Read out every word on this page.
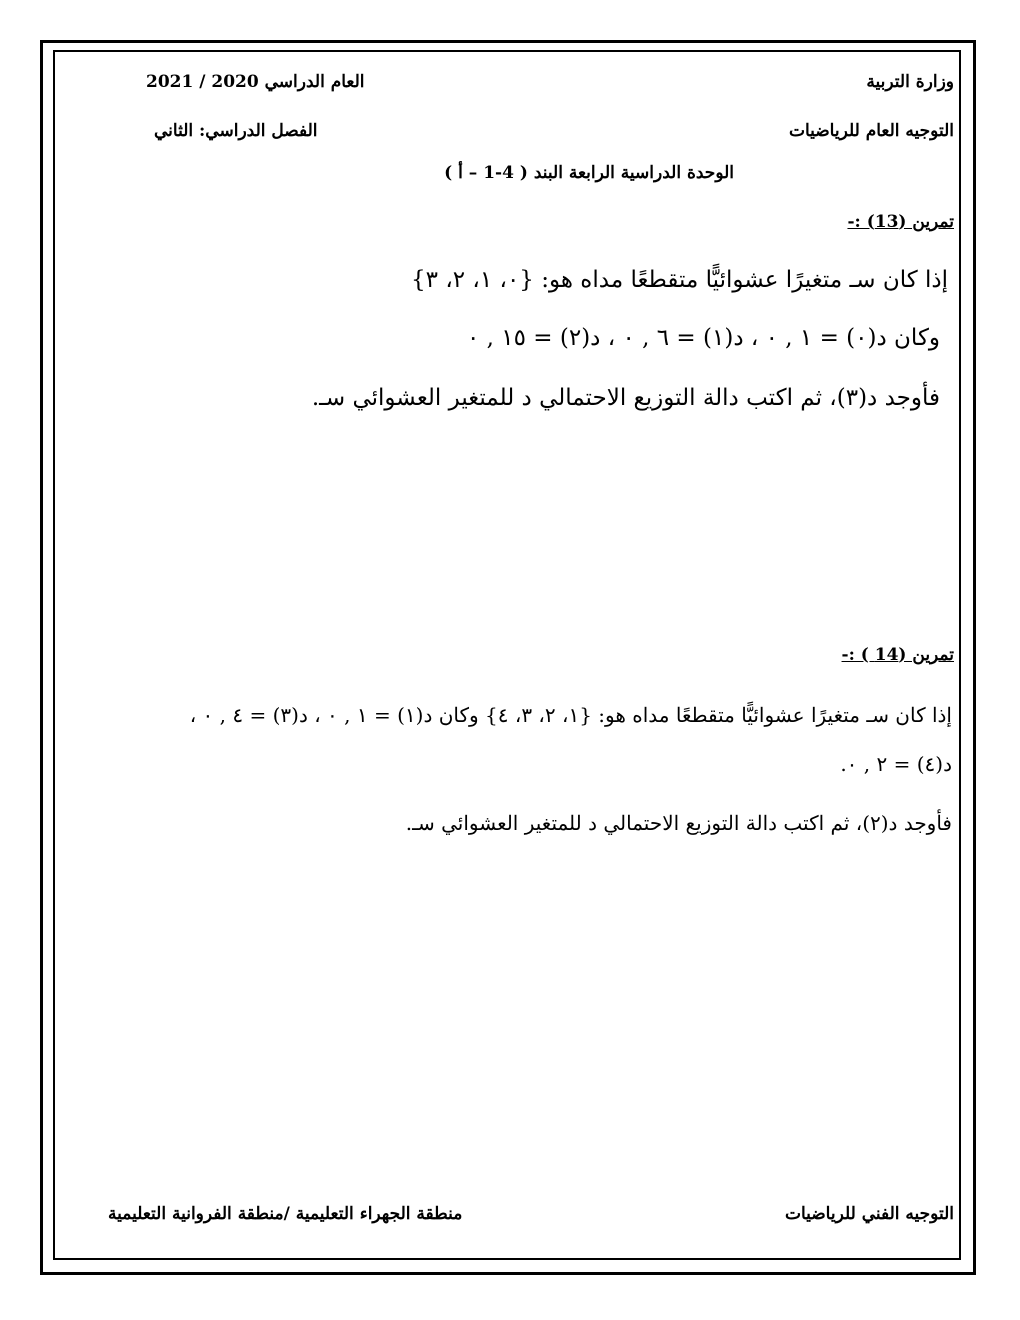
وزارة التربية
العام الدراسي 2020 / 2021
التوجيه العام للرياضيات
الفصل الدراسي: الثاني
الوحدة الدراسية الرابعة البند ( 4-1 – أ )
تمرين (13) :-
إذا كان سـ متغيرًا عشوائيًّا متقطعًا مداه هو: {٠، ١، ٢، ٣}
وكان د(٠) = ١ , ٠ ، د(١) = ٦ , ٠ ، د(٢) = ١٥ , ٠
فأوجد د(٣)، ثم اكتب دالة التوزيع الاحتمالي د للمتغير العشوائي سـ.
تمرين (14 ) :-
إذا كان سـ متغيرًا عشوائيًّا متقطعًا مداه هو: {١، ٢، ٣، ٤} وكان د(١) = ١ , ٠ ، د(٣) = ٤ , ٠ ،
د(٤) = ٢ , ٠.
فأوجد د(٢)، ثم اكتب دالة التوزيع الاحتمالي د للمتغير العشوائي سـ.
التوجيه الفني للرياضيات
منطقة الجهراء التعليمية /منطقة الفروانية التعليمية
